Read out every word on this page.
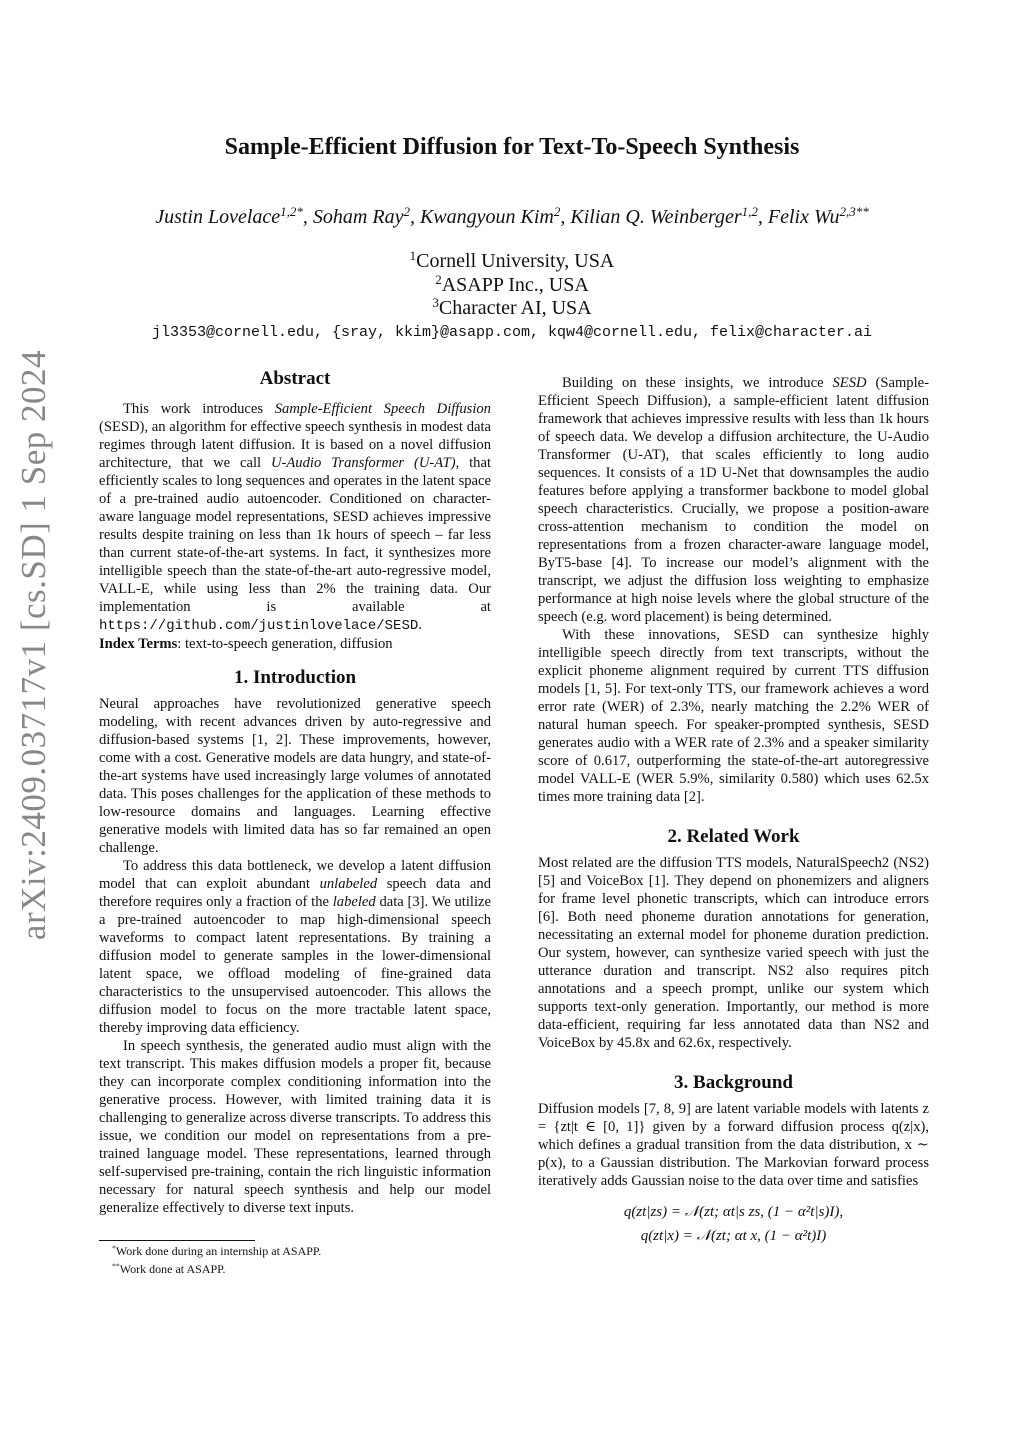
arXiv:2409.03717v1 [cs.SD] 1 Sep 2024
Sample-Efficient Diffusion for Text-To-Speech Synthesis
Justin Lovelace$^{1,2*}$, Soham Ray$^2$, Kwangyoun Kim$^2$, Kilian Q. Weinberger$^{1,2}$, Felix $Wu^{2,3**}$
$^1$Cornell University, USA
$^2$ASAPP Inc., USA
$^3$Character AI, USA
jl3353@cornell.edu, {sray, kkim}@asapp.com, kqw4@cornell.edu, felix@character.ai
Abstract

This work introduces Sample-Efficient Speech Diffusion (SESD), an algorithm for effective speech synthesis in modest data regimes through latent diffusion. It is based on a novel diffusion architecture, that we call U-Audio Transformer (U-AT), that efficiently scales to long sequences and operates in the latent space of a pre-trained audio autoencoder. Conditioned on character-aware language model representations, SESD achieves impressive results despite training on less than 1k hours of speech – far less than current state-of-the-art systems. In fact, it synthesizes more intelligible speech than the state-of-the-art auto-regressive model, VALL-E, while using less than 2% the training data. Our implementation is available at https://github.com/justinlovelace/SESD.

Index Terms: text-to-speech generation, diffusion

1. Introduction

Neural approaches have revolutionized generative speech modeling, with recent advances driven by auto-regressive and diffusion-based systems [1, 2]. These improvements, however, come with a cost. Generative models are data hungry, and state-of-the-art systems have used increasingly large volumes of annotated data. This poses challenges for the application of these methods to low-resource domains and languages. Learning effective generative models with limited data has so far remained an open challenge.

To address this data bottleneck, we develop a latent diffusion model that can exploit abundant unlabeled speech data and therefore requires only a fraction of the labeled data [3]. We utilize a pre-trained autoencoder to map high-dimensional speech waveforms to compact latent representations. By training a diffusion model to generate samples in the lower-dimensional latent space, we offload modeling of fine-grained data characteristics to the unsupervised autoencoder. This allows the diffusion model to focus on the more tractable latent space, thereby improving data efficiency.

In speech synthesis, the generated audio must align with the text transcript. This makes diffusion models a proper fit, because they can incorporate complex conditioning information into the generative process. However, with limited training data it is challenging to generalize across diverse transcripts. To address this issue, we condition our model on representations from a pre-trained language model. These representations, learned through self-supervised pre-training, contain the rich linguistic information necessary for natural speech synthesis and help our model generalize effectively to diverse text inputs.

*Work done during an internship at ASAPP.
**Work done at ASAPP.

Building on these insights, we introduce SESD (Sample-Efficient Speech Diffusion), a sample-efficient latent diffusion framework that achieves impressive results with less than 1k hours of speech data. We develop a diffusion architecture, the U-Audio Transformer (U-AT), that scales efficiently to long audio sequences. It consists of a 1D U-Net that downsamples the audio features before applying a transformer backbone to model global speech characteristics. Crucially, we propose a position-aware cross-attention mechanism to condition the model on representations from a frozen character-aware language model, ByT5-base [4]. To increase our model’s alignment with the transcript, we adjust the diffusion loss weighting to emphasize performance at high noise levels where the global structure of the speech (e.g. word placement) is being determined.

With these innovations, SESD can synthesize highly intelligible speech directly from text transcripts, without the explicit phoneme alignment required by current TTS diffusion models [1, 5]. For text-only TTS, our framework achieves a word error rate (WER) of 2.3%, nearly matching the 2.2% WER of natural human speech. For speaker-prompted synthesis, SESD generates audio with a WER rate of 2.3% and a speaker similarity score of 0.617, outperforming the state-of-the-art autoregressive model VALL-E (WER 5.9%, similarity 0.580) which uses 62.5x times more training data [2].

2. Related Work

Most related are the diffusion TTS models, NaturalSpeech2 (NS2) [5] and VoiceBox [1]. They depend on phonemizers and aligners for frame level phonetic transcripts, which can introduce errors [6]. Both need phoneme duration annotations for generation, necessitating an external model for phoneme duration prediction. Our system, however, can synthesize varied speech with just the utterance duration and transcript. NS2 also requires pitch annotations and a speech prompt, unlike our system which supports text-only generation. Importantly, our method is more data-efficient, requiring far less annotated data than NS2 and VoiceBox by 45.8x and 62.6x, respectively.

3. Background

Diffusion models [7, 8, 9] are latent variable models with latents z = {zt|t ∈ [0, 1]} given by a forward diffusion process q(z|x), which defines a gradual transition from the data distribution, x ∼ p(x), to a Gaussian distribution. The Markovian forward process iteratively adds Gaussian noise to the data over time and satisfies

q(zt|zs) = 𝒩(zt; αt|s zs, (1 − α²t|s)I),
q(zt|x) = 𝒩(zt; αt x, (1 − α²t)I)
